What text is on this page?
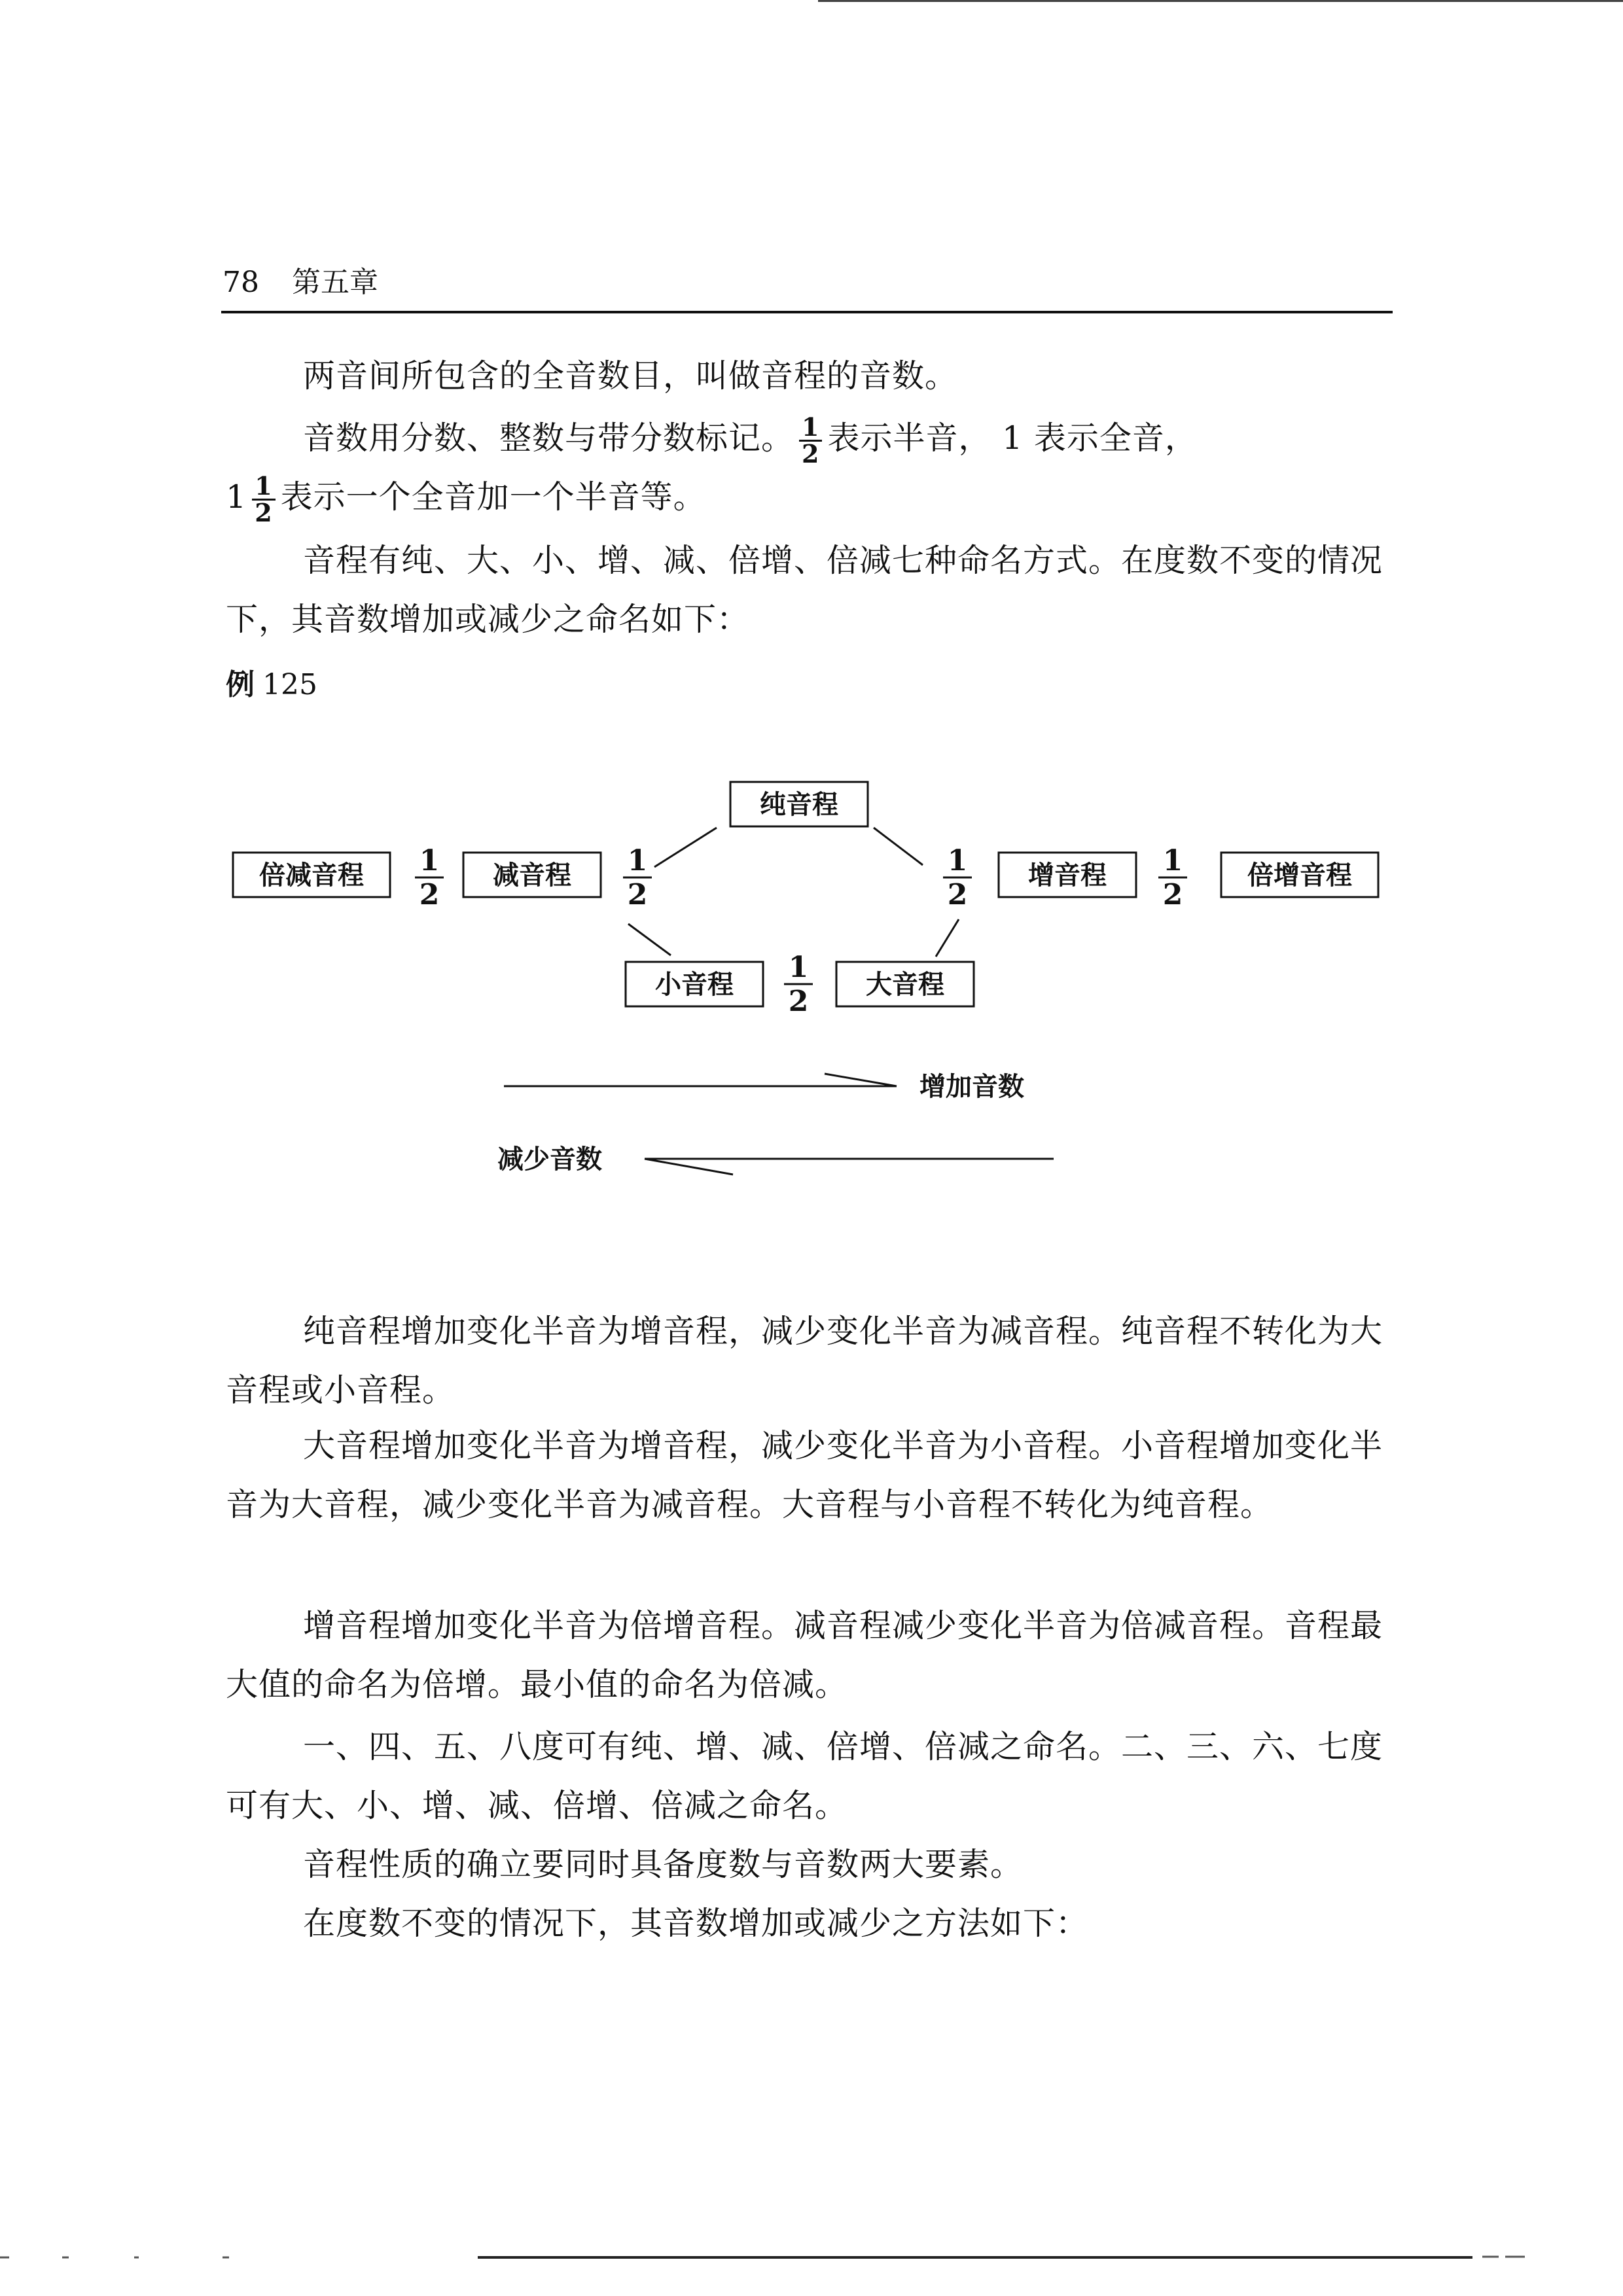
78 第五章
两音间所包含的全音数目，叫做音程的音数。
音数用分数、整数与带分数标记。 $\frac{1}{2}$ 表示半音， 1 表示全音，
$1 \frac{1}{2}$ 表示一个全音加一个半音等。
音程有纯、大、小、增、减、倍增、倍减七种命名方式。在度数不变的情况下，其音数增加或减少之命名如下：
例 125
纯音程
倍减音程	减音程	增音程	倍增音程
小音程	大音程
1
2
1
2
1
2
1
2
1
2
增加音数
减少音数
纯音程增加变化半音为增音程，减少变化半音为减音程。纯音程不转化为大音程或小音程。
大音程增加变化半音为增音程，减少变化半音为小音程。小音程增加变化半音为大音程，减少变化半音为减音程。大音程与小音程不转化为纯音程。
增音程增加变化半音为倍增音程。减音程减少变化半音为倍减音程。音程最大值的命名为倍增。最小值的命名为倍减。
一、四、五、八度可有纯、增、减、倍增、倍减之命名。二、三、六、七度可有大、小、增、减、倍增、倍减之命名。
音程性质的确立要同时具备度数与音数两大要素。
在度数不变的情况下，其音数增加或减少之方法如下：
